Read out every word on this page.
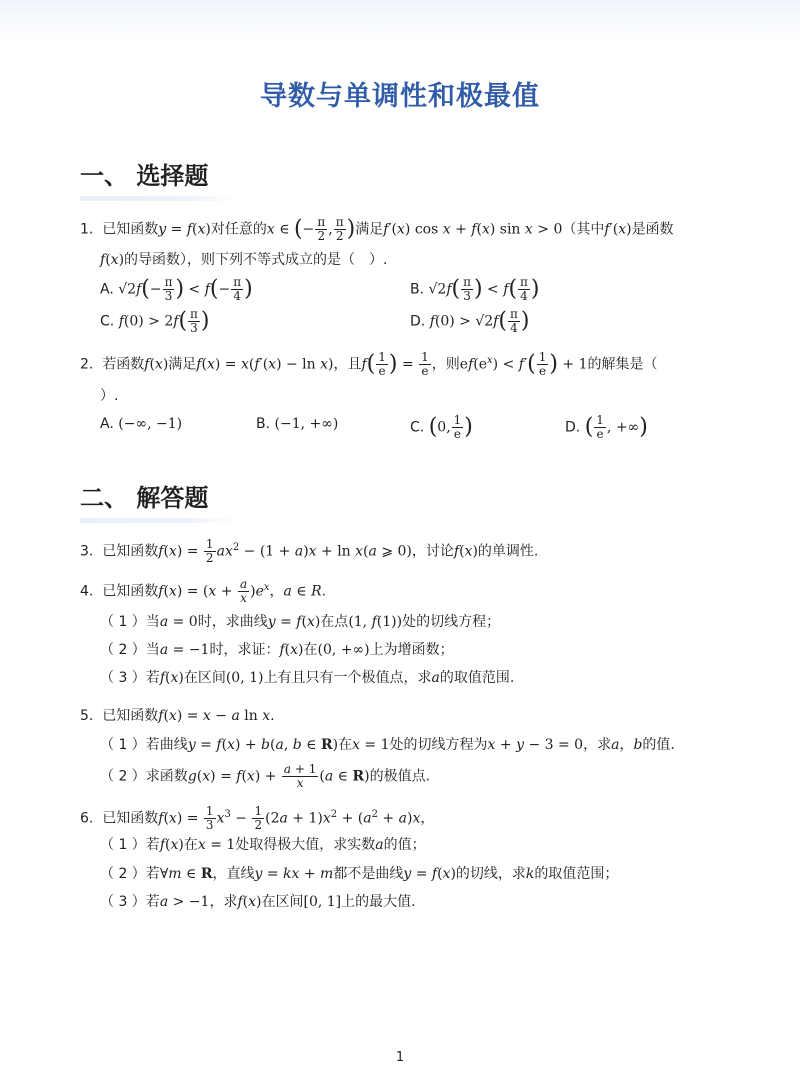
导数与单调性和极最值
一、 选择题
1. 已知函数y = f(x)对任意的x ∈ (− $\frac{\pi}{2}$ , $\frac{\pi}{2}$ )满足f′(x) cos x + f(x) sin x > 0（其中f′(x)是函数
f(x)的导函数），则下列不等式成立的是（　）.
A. $√2f(- \frac{\pi}{3}$ ) < $f(- \frac{\pi}{4}$ )	B. $√2f( \frac{\pi}{3}$ ) < $f( \frac{\pi}{4}$ )
C. $f(0) > 2f( \frac{\pi}{3}$ )	D. $f(0) > √2f( \frac{\pi}{4}$ )
2. 若函数f(x)满足f(x) = x(f′(x) − ln x)，且$f( \frac{1}{e}$ ) = $\frac{1}{e}$ ，则$ef(e^x) < f'( \frac{1}{e}$ ) + 1的解集是（
）.
A. (−∞, −1)	B. (−1, +∞)	C. (0, $\frac{1}{e}$ )	D. ( $\frac{1}{e}$ , +∞)
二、 解答题
3. 已知函数$f(x) = \frac{1}{2} ax^2 - (1 + a)x + \ln x(a$ ⩾ 0)，讨论f(x)的单调性.
4. 已知函数$f(x) = (x + \frac{a}{x} )e^x$，a ∈ R.
（ 1 ）当a = 0时，求曲线y = f(x)在点(1, f(1))处的切线方程；
（ 2 ）当a = −1时，求证：f(x)在(0, +∞)上为增函数；
（ 3 ）若f(x)在区间(0, 1)上有且只有一个极值点，求a的取值范围.
5. 已知函数f(x) = x − a ln x.
（ 1 ）若曲线y = f(x) + b(a, b ∈ R)在x = 1处的切线方程为x + y − 3 = 0，求a，b的值.
（ 2 ）求函数$g(x) = f(x) + \frac{a + 1}{x} (a$ ∈ R)的极值点.
6. 已知函数$f(x) = \frac{1}{3} x^3 - \frac{1}{2} (2a + 1)x^2 + (a^2 + a)x$，
（ 1 ）若f(x)在x = 1处取得极大值，求实数a的值；
（ 2 ）若∀m ∈ R，直线y = kx + m都不是曲线y = f(x)的切线，求k的取值范围；
（ 3 ）若a > −1，求f(x)在区间[0, 1]上的最大值.
1
